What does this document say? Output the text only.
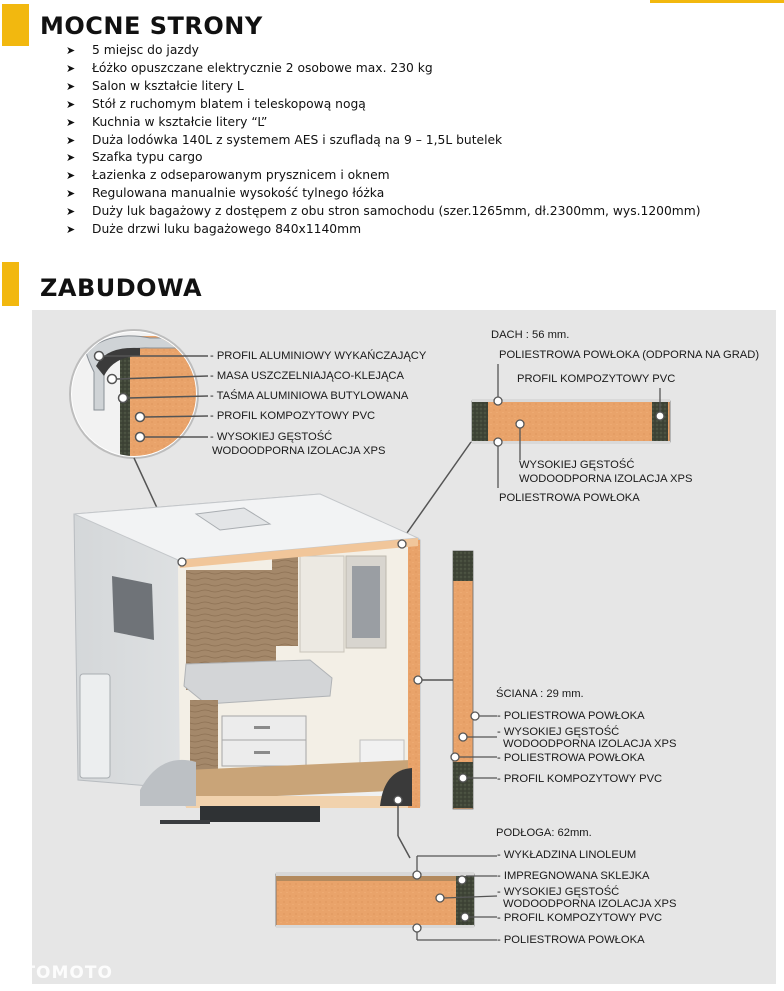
MOCNE STRONY
➤ 5 miejsc do jazdy
➤ Łóżko opuszczane elektrycznie 2 osobowe max. 230 kg
➤ Salon w kształcie litery L
➤ Stół z ruchomym blatem i teleskopową nogą
➤ Kuchnia w kształcie litery “L”
➤ Duża lodówka 140L z systemem AES i szufladą na 9 – 1,5L butelek
➤ Szafka typu cargo
➤ Łazienka z odseparowanym prysznicem i oknem
➤ Regulowana manualnie wysokość tylnego łóżka
➤ Duży luk bagażowy z dostępem z obu stron samochodu (szer.1265mm, dł.2300mm, wys.1200mm)
➤ Duże drzwi luku bagażowego 840x1140mm
ZABUDOWA
- PROFIL ALUMINIOWY WYKAŃCZAJĄCY
- MASA USZCZELNIAJĄCO-KLEJĄCA
- TAŚMA ALUMINIOWA BUTYLOWANA
- PROFIL KOMPOZYTOWY PVC
- WYSOKIEJ GĘSTOŚĆ
WODOODPORNA IZOLACJA XPS
DACH : 56 mm.
POLIESTROWA POWŁOKA (ODPORNA NA GRAD)
PROFIL KOMPOZYTOWY PVC
WYSOKIEJ GĘSTOŚĆ
WODOODPORNA IZOLACJA XPS
POLIESTROWA POWŁOKA
ŚCIANA : 29 mm.
- POLIESTROWA POWŁOKA
- WYSOKIEJ GĘSTOŚĆ
WODOODPORNA IZOLACJA XPS
- POLIESTROWA POWŁOKA
- PROFIL KOMPOZYTOWY PVC
PODŁOGA: 62mm.
- WYKŁADZINA LINOLEUM
- IMPREGNOWANA SKLEJKA
- WYSOKIEJ GĘSTOŚĆ
WODOODPORNA IZOLACJA XPS
- PROFIL KOMPOZYTOWY PVC
- POLIESTROWA POWŁOKA
OTOMOTO
